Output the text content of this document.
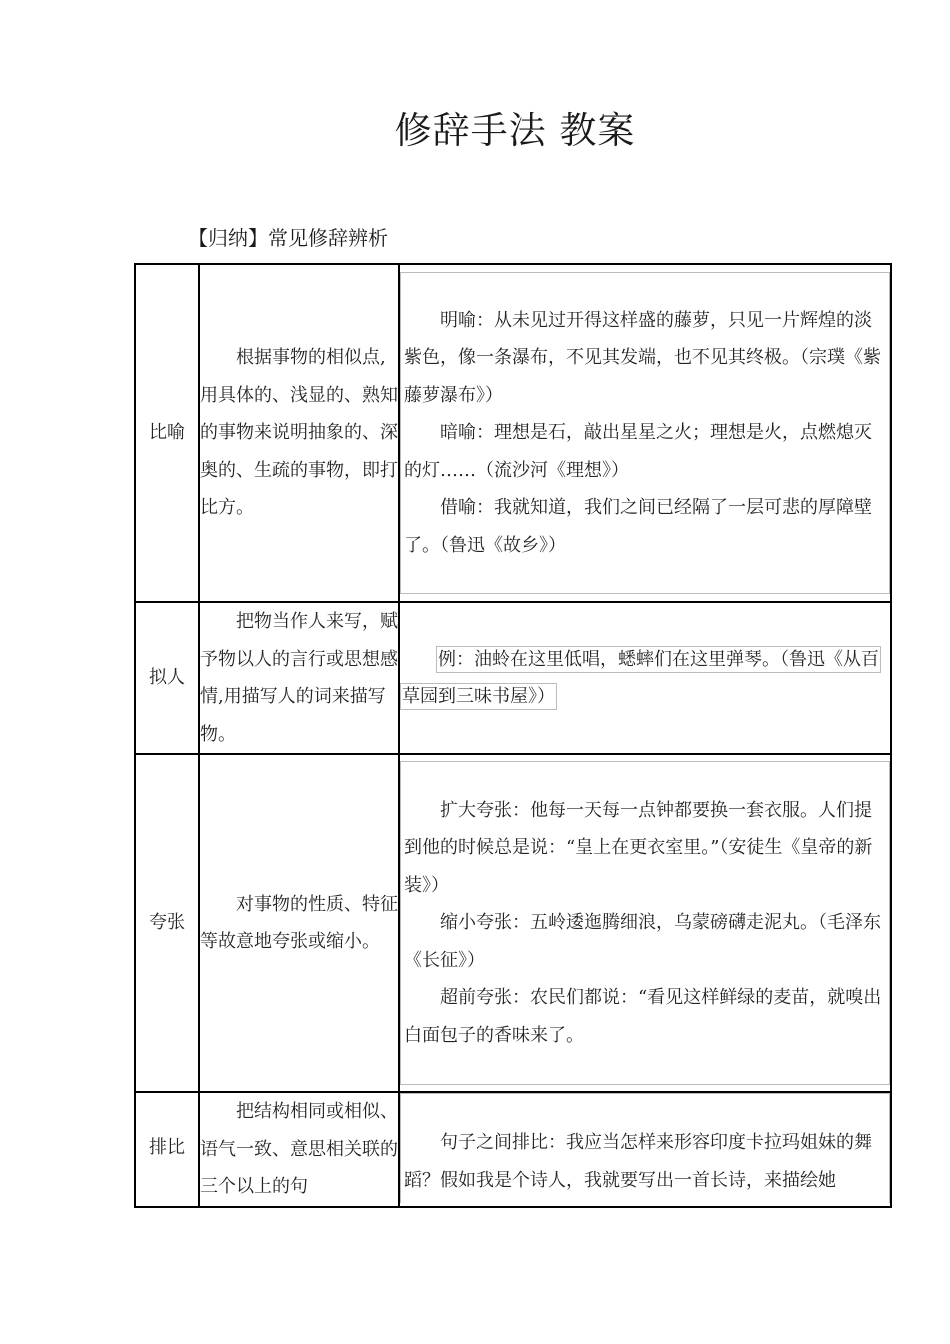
修辞手法 教案
【归纳】常见修辞辨析
比喻	根据事物的相似点,用具体的、浅显的、熟知的事物来说明抽象的、深奥的、生疏的事物，即打比方。	明喻：从未见过开得这样盛的藤萝，只见一片辉煌的淡紫色，像一条瀑布，不见其发端，也不见其终极。（宗璞《紫藤萝瀑布》）

暗喻：理想是石，敲出星星之火；理想是火，点燃熄灭的灯……（流沙河《理想》）

借喻：我就知道，我们之间已经隔了一层可悲的厚障壁了。（鲁迅《故乡》）

拟人	把物当作人来写，赋予物以人的言行或思想感情,用描写人的词来描写物。	例：油蛉在这里低唱，蟋蟀们在这里弹琴。（鲁迅《从百草园到三味书屋》）

夸张	对事物的性质、特征等故意地夸张或缩小。	扩大夸张：他每一天每一点钟都要换一套衣服。人们提到他的时候总是说：“皇上在更衣室里。”（安徒生《皇帝的新装》）

缩小夸张：五岭逶迤腾细浪，乌蒙磅礴走泥丸。（毛泽东《长征》）

超前夸张：农民们都说：“看见这样鲜绿的麦苗，就嗅出白面包子的香味来了。

排比	把结构相同或相似、语气一致、意思相关联的三个以上的句	句子之间排比：我应当怎样来形容印度卡拉玛姐妹的舞蹈？假如我是个诗人，我就要写出一首长诗，来描绘她
